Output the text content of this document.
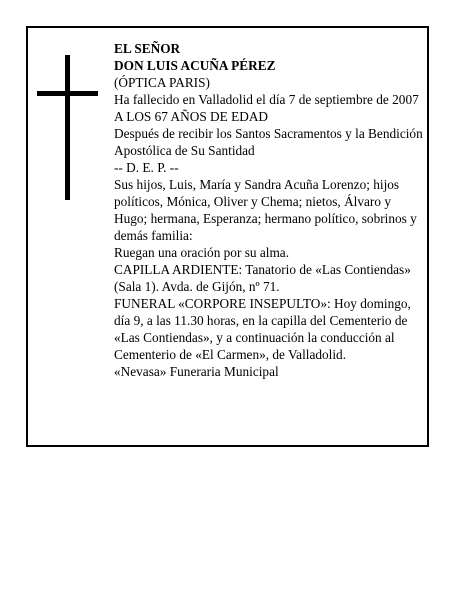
EL SEÑOR

DON LUIS ACUÑA PÉREZ

(ÓPTICA PARIS)

Ha fallecido en Valladolid el día 7 de septiembre de 2007

A LOS 67 AÑOS DE EDAD

Después de recibir los Santos Sacramentos y la Bendición Apostólica de Su Santidad

-- D. E. P. --

Sus hijos, Luis, María y Sandra Acuña Lorenzo; hijos políticos, Mónica, Oliver y Chema; nietos, Álvaro y Hugo; hermana, Esperanza; hermano político, sobrinos y demás familia:

Ruegan una oración por su alma.

CAPILLA ARDIENTE: Tanatorio de «Las Contiendas» (Sala 1). Avda. de Gijón, nº 71.

FUNERAL «CORPORE INSEPULTO»: Hoy domingo, día 9, a las 11.30 horas, en la capilla del Cementerio de «Las Contiendas», y a continuación la conducción al Cementerio de «El Carmen», de Valladolid.

«Nevasa» Funeraria Municipal
